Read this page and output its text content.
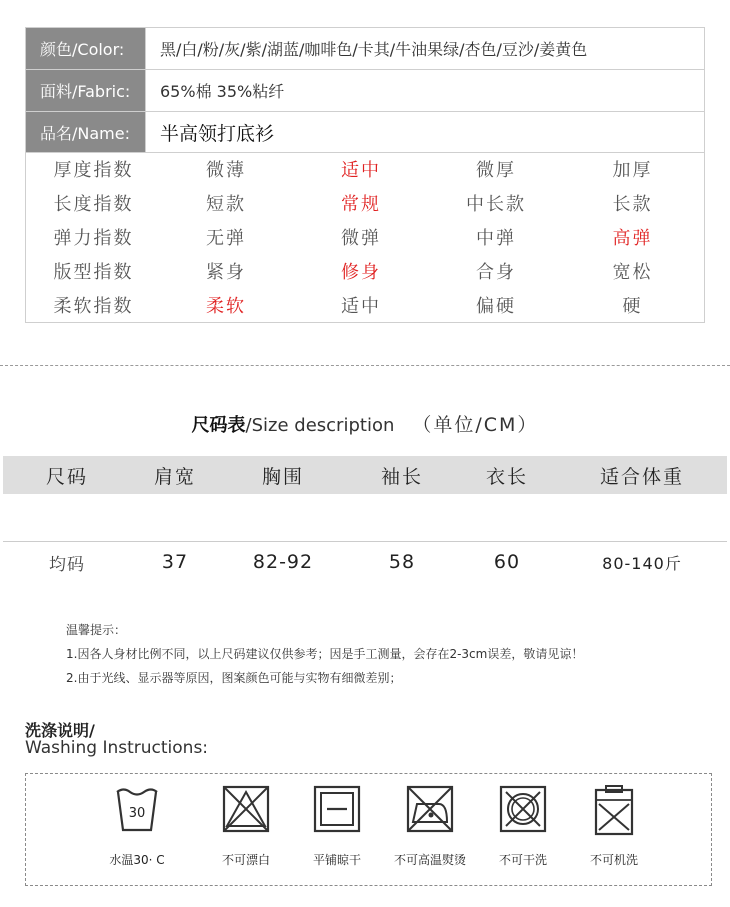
颜色/Color:	黑/白/粉/灰/紫/湖蓝/咖啡色/卡其/牛油果绿/杏色/豆沙/姜黄色
面料/Fabric:	65%棉 35%粘纤
品名/Name:	半高领打底衫
厚度指数	微薄	适中	微厚	加厚
长度指数	短款	常规	中长款	长款
弹力指数	无弹	微弹	中弹	高弹
版型指数	紧身	修身	合身	宽松
柔软指数	柔软	适中	偏硬	硬
尺码表/Size description （单位/CM）
尺码	肩宽	胸围	袖长	衣长	适合体重
均码	37	82-92	58	60	80-140斤
温馨提示：
1.因各人身材比例不同，以上尺码建议仅供参考；因是手工测量，会存在2-3cm误差，敬请见谅！
2.由于光线、显示器等原因，图案颜色可能与实物有细微差别；
洗涤说明/
Washing Instructions:
30
水温30· C	不可漂白	平铺晾干	不可高温熨烫	不可干洗	不可机洗
